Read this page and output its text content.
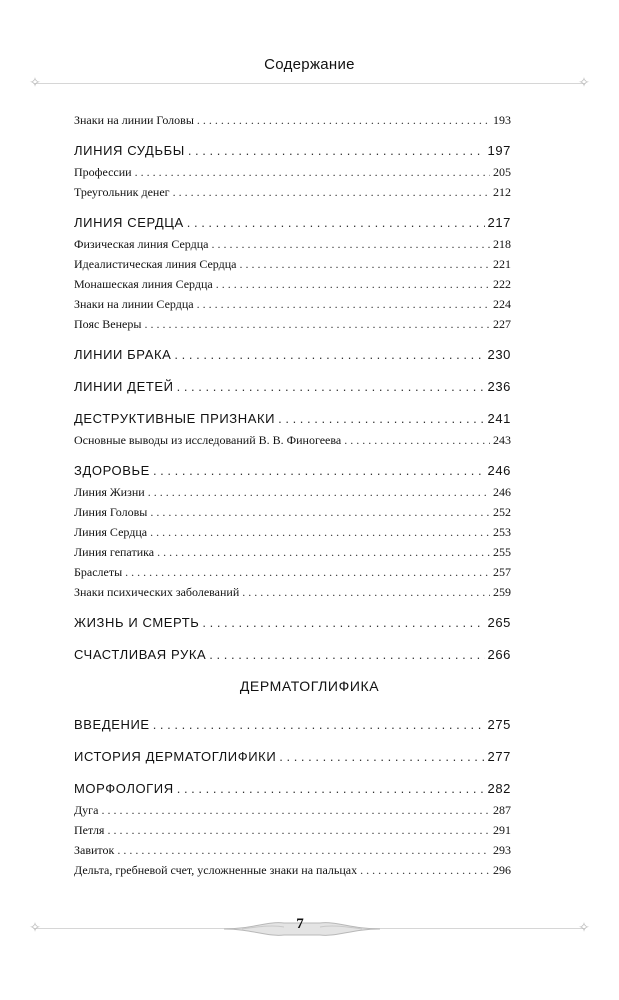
✧	✧
Содержание
Знаки на линии Головы . . .	193
ЛИНИЯ СУДЬБЫ . . .	197
Профессии . . .	205
Треугольник денег . . .	212
ЛИНИЯ СЕРДЦА . . .	217
Физическая линия Сердца . . .	218
Идеалистическая линия Сердца . . .	221
Монашеская линия Сердца . . .	222
Знаки на линии Сердца . . .	224
Пояс Венеры . . .	227
ЛИНИИ БРАКА . . .	230
ЛИНИИ ДЕТЕЙ . . .	236
ДЕСТРУКТИВНЫЕ ПРИЗНАКИ . . .	241
Основные выводы из исследований В. В. Финогеева . . .	243
ЗДОРОВЬЕ . . .	246
Линия Жизни . . .	246
Линия Головы . . .	252
Линия Сердца . . .	253
Линия гепатика . . .	255
Браслеты . . .	257
Знаки психических заболеваний . . .	259
ЖИЗНЬ И СМЕРТЬ . . .	265
СЧАСТЛИВАЯ РУКА . . .	266
ДЕРМАТОГЛИФИКА
ВВЕДЕНИЕ . . .	275
ИСТОРИЯ ДЕРМАТОГЛИФИКИ . . .	277
МОРФОЛОГИЯ . . .	282
Дуга . . .	287
Петля . . .	291
Завиток . . .	293
Дельта, гребневой счет, усложненные знаки на пальцах . . .	296
✧	✧
7
